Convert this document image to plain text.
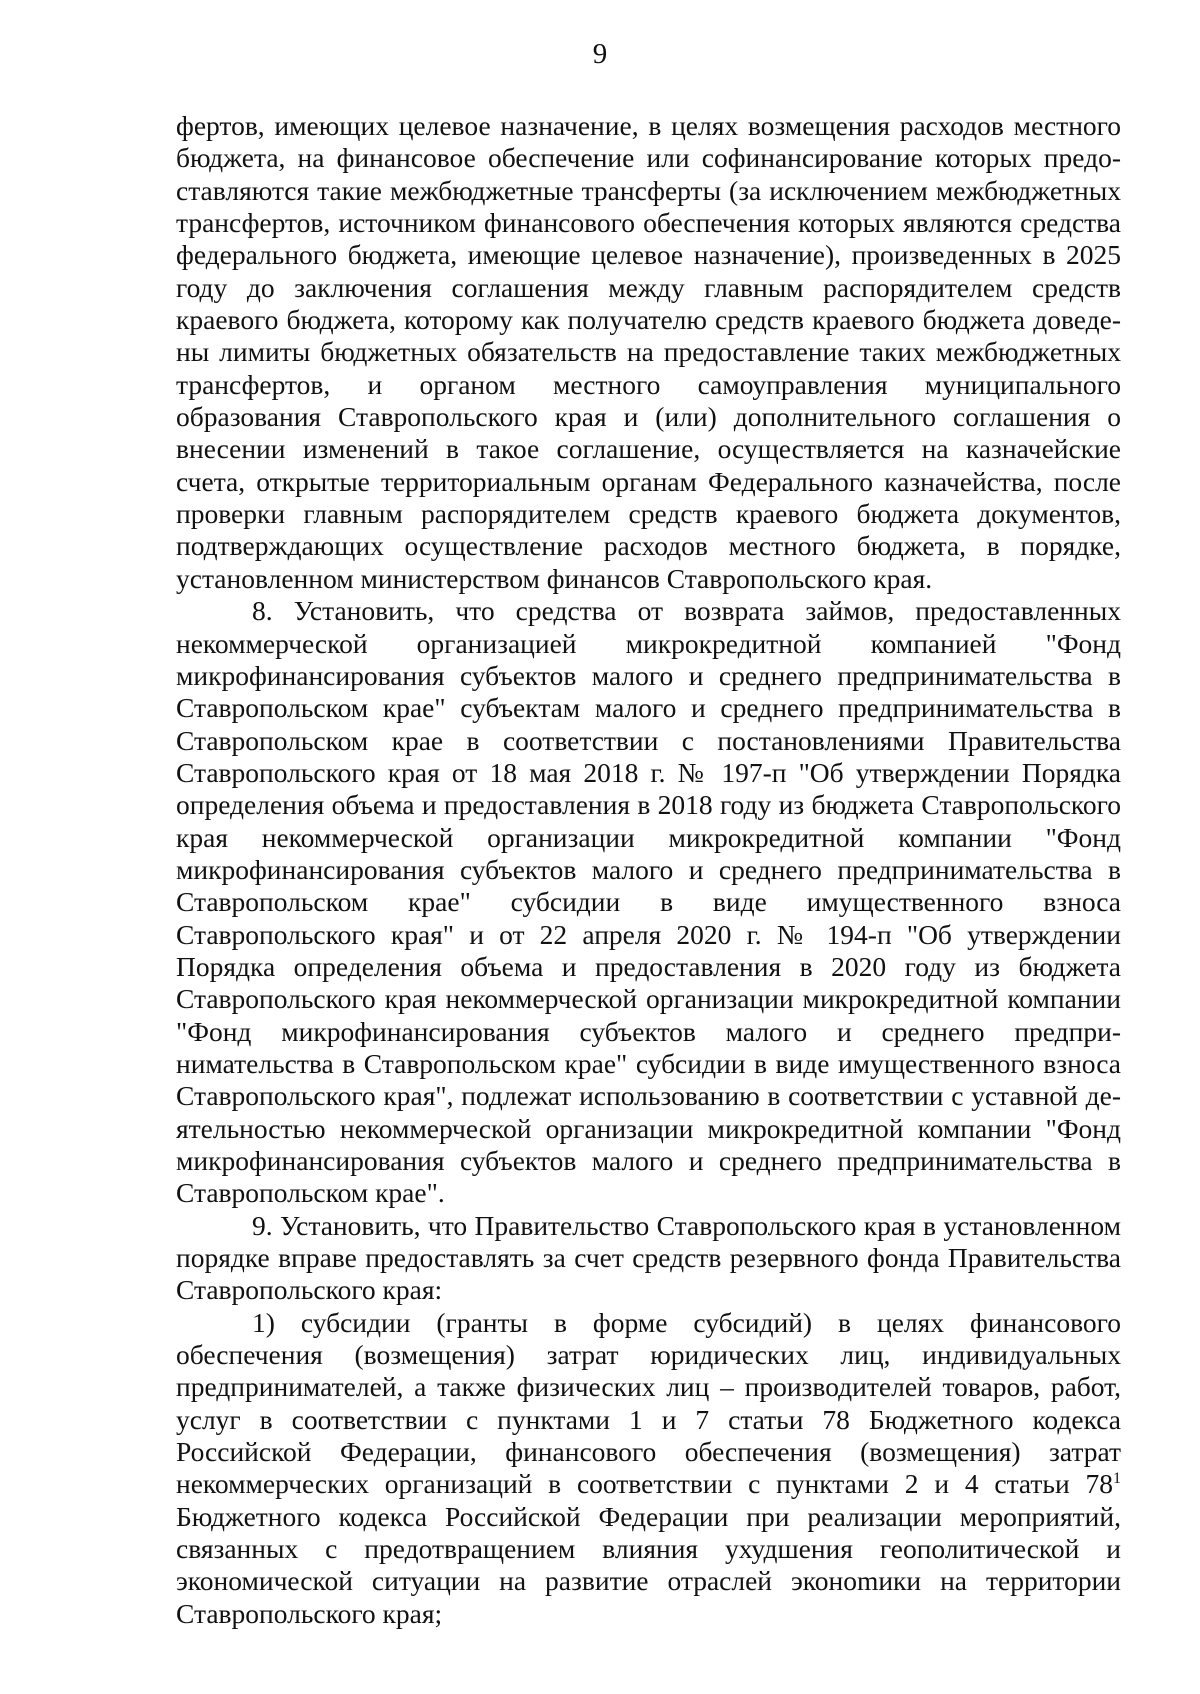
9

фертов, имеющих целевое назначение, в целях возмещения расходов местного бюджета, на финансовое обеспечение или софинансирование которых предоставляются такие межбюджетные трансферты (за исключением межбюджетных трансфертов, источником финансового обеспечения которых являются средства федерального бюджета, имеющие целевое назначение), произведенных в 2025 году до заключения соглашения между главным распорядителем средств краевого бюджета, которому как получателю средств краевого бюджета доведены лимиты бюджетных обязательств на предоставление таких межбюджетных трансфертов, и органом местного самоуправления муниципального образования Ставропольского края и (или) дополнительного соглашения о внесении изменений в такое соглашение, осуществляется на казначейские счета, открытые территориальным органам Федерального казначейства, после проверки главным распорядителем средств краевого бюджета документов, подтверждающих осуществление расходов местного бюджета, в порядке, установленном министерством финансов Ставропольского края.

8. Установить, что средства от возврата займов, предоставленных некоммерческой организацией микрокредитной компанией "Фонд микрофинансирования субъектов малого и среднего предпринимательства в Ставропольском крае" субъектам малого и среднего предпринимательства в Ставропольском крае в соответствии с постановлениями Правительства Ставропольского края от 18 мая 2018 г. № 197-п "Об утверждении Порядка определения объема и предоставления в 2018 году из бюджета Ставропольского края некоммерческой организации микрокредитной компании "Фонд микрофинансирования субъектов малого и среднего предпринимательства в Ставропольском крае" субсидии в виде имущественного взноса Ставропольского края" и от 22 апреля 2020 г. № 194-п "Об утверждении Порядка определения объема и предоставления в 2020 году из бюджета Ставропольского края некоммерческой организации микрокредитной компании "Фонд микрофинансирования субъектов малого и среднего предпринимательства в Ставропольском крае" субсидии в виде имущественного взноса Ставропольского края", подлежат использованию в соответствии с уставной деятельностью некоммерческой организации микрокредитной компании "Фонд микрофинансирования субъектов малого и среднего предпринимательства в Ставропольском крае".

9. Установить, что Правительство Ставропольского края в установленном порядке вправе предоставлять за счет средств резервного фонда Правительства Ставропольского края:

1) субсидии (гранты в форме субсидий) в целях финансового обеспечения (возмещения) затрат юридических лиц, индивидуальных предпринимателей, а также физических лиц – производителей товаров, работ, услуг в соответствии с пунктами 1 и 7 статьи 78 Бюджетного кодекса Российской Федерации, финансового обеспечения (возмещения) затрат некоммерческих организаций в соответствии с пунктами 2 и 4 статьи $78^1$ Бюджетного кодекса Российской Федерации при реализации мероприятий, связанных с предотвращением влияния ухудшения геополитической и экономической ситуации на развитие отраслей эконоmики на территории Ставропольского края;
